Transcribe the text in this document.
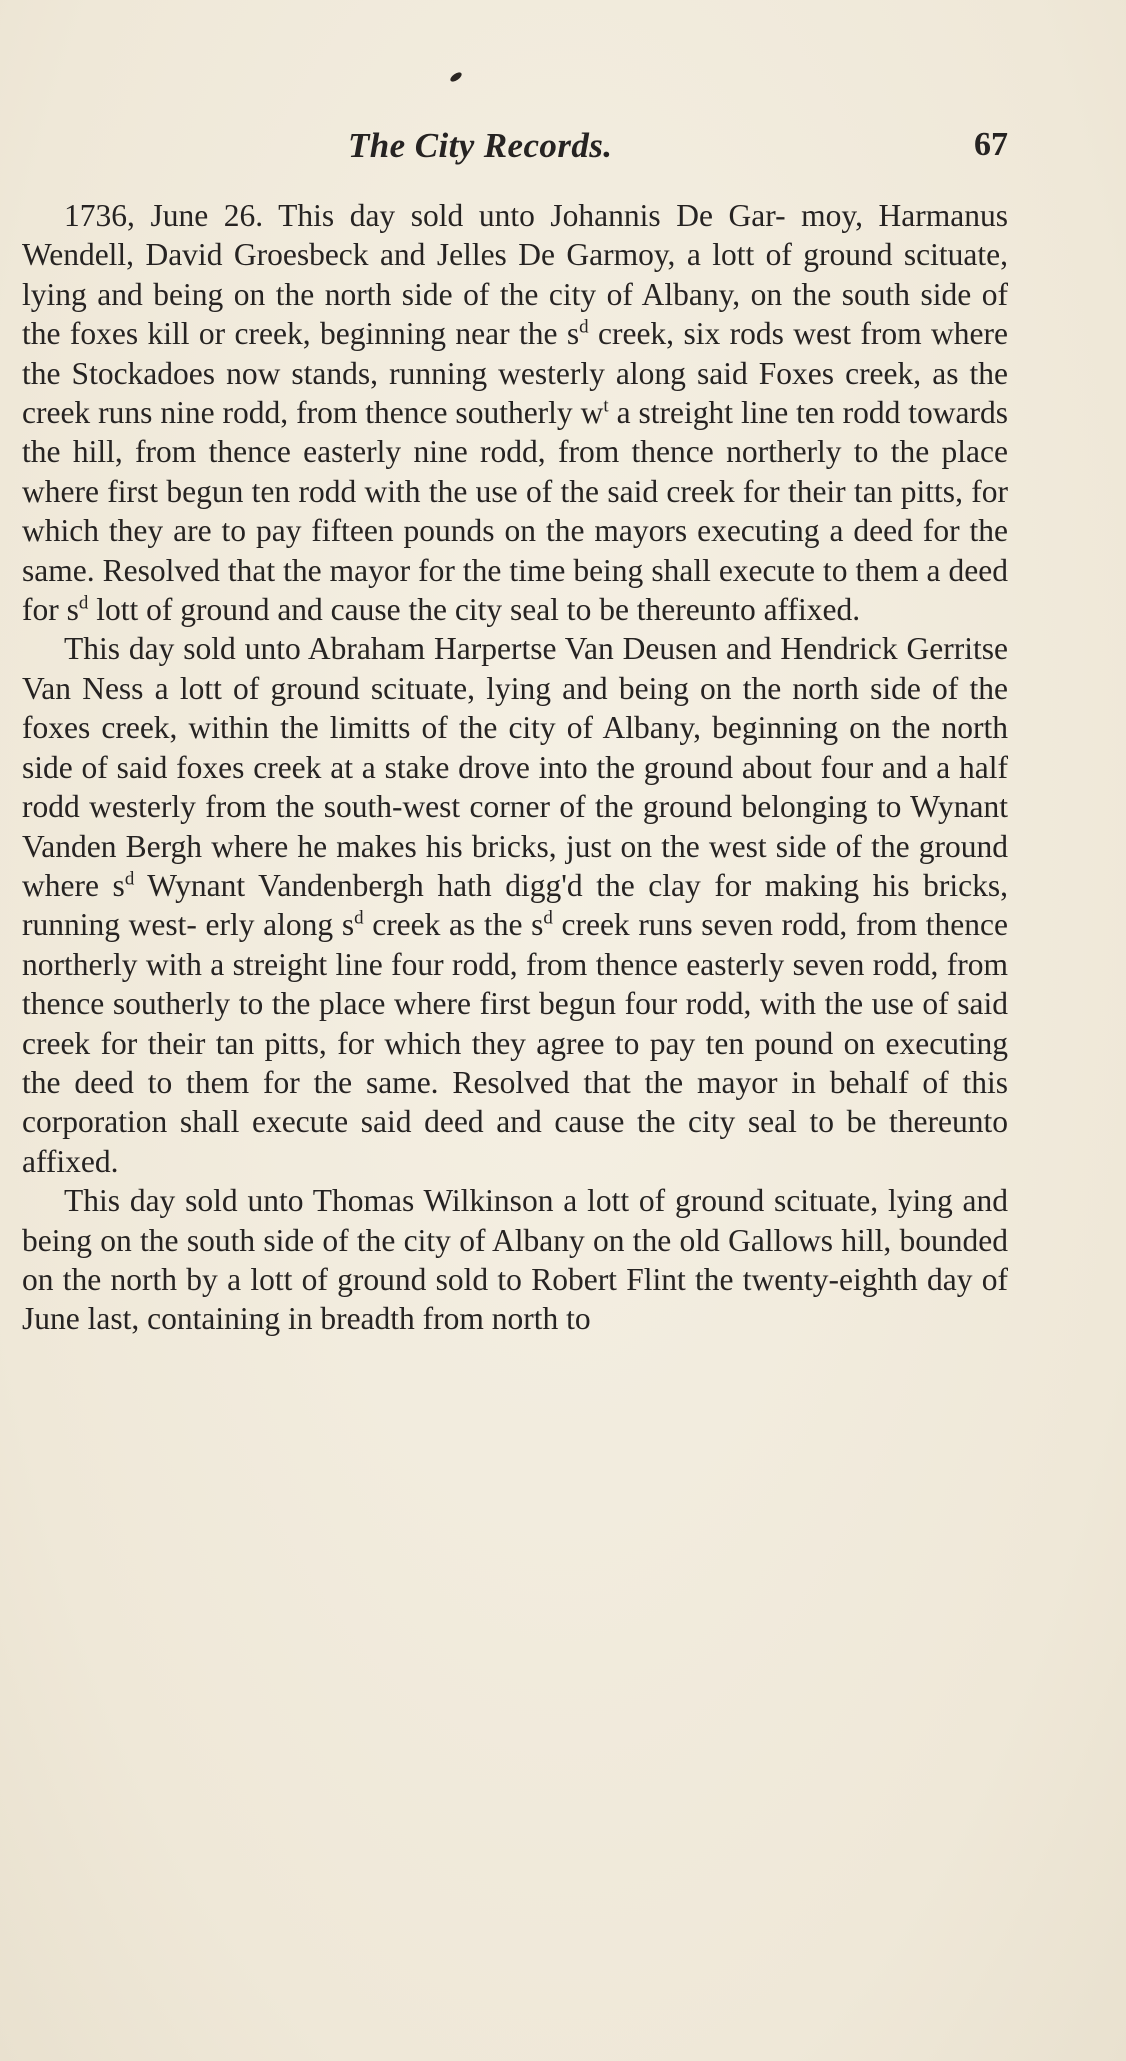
The City Records.	67

1736, June 26. This day sold unto Johannis De Gar- moy, Harmanus Wendell, David Groesbeck and Jelles De Garmoy, a lott of ground scituate, lying and being on the north side of the city of Albany, on the south side of the foxes kill or creek, beginning near the $s^d$ creek, six rods west from where the Stockadoes now stands, running westerly along said Foxes creek, as the creek runs nine rodd, from thence southerly $w^t$ a streight line ten rodd towards the hill, from thence easterly nine rodd, from thence northerly to the place where first begun ten rodd with the use of the said creek for their tan pitts, for which they are to pay fifteen pounds on the mayors executing a deed for the same. Resolved that the mayor for the time being shall execute to them a deed for $s^d$ lott of ground and cause the city seal to be thereunto affixed.

This day sold unto Abraham Harpertse Van Deusen and Hendrick Gerritse Van Ness a lott of ground scituate, lying and being on the north side of the foxes creek, within the limitts of the city of Albany, beginning on the north side of said foxes creek at a stake drove into the ground about four and a half rodd westerly from the south-west corner of the ground belonging to Wynant Vanden Bergh where he makes his bricks, just on the west side of the ground where $s^d$ Wynant Vandenbergh hath digg'd the clay for making his bricks, running west- erly along $s^d$ creek as the $s^d$ creek runs seven rodd, from thence northerly with a streight line four rodd, from thence easterly seven rodd, from thence southerly to the place where first begun four rodd, with the use of said creek for their tan pitts, for which they agree to pay ten pound on executing the deed to them for the same. Resolved that the mayor in behalf of this corporation shall execute said deed and cause the city seal to be thereunto affixed.

This day sold unto Thomas Wilkinson a lott of ground scituate, lying and being on the south side of the city of Albany on the old Gallows hill, bounded on the north by a lott of ground sold to Robert Flint the twenty-eighth day of June last, containing in breadth from north to
